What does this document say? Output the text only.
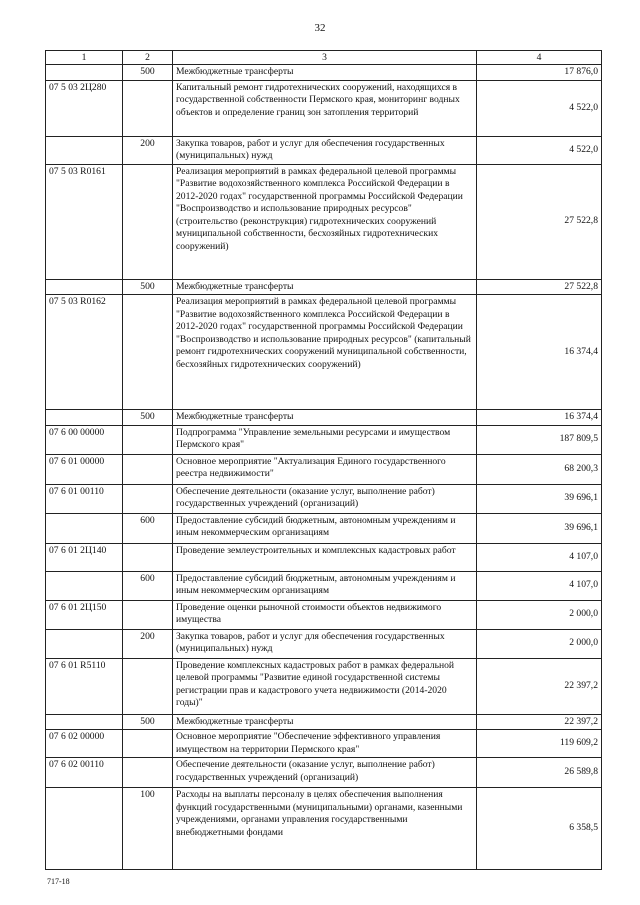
32
1	2	3	4
	500	Межбюджетные трансферты	17 876,0
07 5 03 2Ц280		Капитальный ремонт гидротехнических сооружений, находящихся в государственной собственности Пермского края, мониторинг водных объектов и определение границ зон затопления территорий	4 522,0
	200	Закупка товаров, работ и услуг для обеспечения государственных (муниципальных) нужд	4 522,0
07 5 03 R0161		Реализация мероприятий в рамках федеральной целевой программы "Развитие водохозяйственного комплекса Российской Федерации в 2012-2020 годах" государственной программы Российской Федерации "Воспроизводство и использование природных ресурсов" (строительство (реконструкция) гидротехнических сооружений муниципальной собственности, бесхозяйных гидротехнических сооружений)	27 522,8
	500	Межбюджетные трансферты	27 522,8
07 5 03 R0162		Реализация мероприятий в рамках федеральной целевой программы "Развитие водохозяйственного комплекса Российской Федерации в 2012-2020 годах" государственной программы Российской Федерации "Воспроизводство и использование природных ресурсов" (капитальный ремонт гидротехнических сооружений муниципальной собственности, бесхозяйных гидротехнических сооружений)	16 374,4
	500	Межбюджетные трансферты	16 374,4
07 6 00 00000		Подпрограмма "Управление земельными ресурсами и имуществом Пермского края"	187 809,5
07 6 01 00000		Основное мероприятие "Актуализация Единого государственного реестра недвижимости"	68 200,3
07 6 01 00110		Обеспечение деятельности (оказание услуг, выполнение работ) государственных учреждений (организаций)	39 696,1
	600	Предоставление субсидий бюджетным, автономным учреждениям и иным некоммерческим организациям	39 696,1
07 6 01 2Ц140		Проведение землеустроительных и комплексных кадастровых работ	4 107,0
	600	Предоставление субсидий бюджетным, автономным учреждениям и иным некоммерческим организациям	4 107,0
07 6 01 2Ц150		Проведение оценки рыночной стоимости объектов недвижимого имущества	2 000,0
	200	Закупка товаров, работ и услуг для обеспечения государственных (муниципальных) нужд	2 000,0
07 6 01 R5110		Проведение комплексных кадастровых работ в рамках федеральной целевой программы "Развитие единой государственной системы регистрации прав и кадастрового учета недвижимости (2014-2020 годы)"	22 397,2
	500	Межбюджетные трансферты	22 397,2
07 6 02 00000		Основное мероприятие "Обеспечение эффективного управления имуществом на территории Пермского края"	119 609,2
07 6 02 00110		Обеспечение деятельности (оказание услуг, выполнение работ) государственных учреждений (организаций)	26 589,8
	100	Расходы на выплаты персоналу в целях обеспечения выполнения функций государственными (муниципальными) органами, казенными учреждениями, органами управления государственными внебюджетными фондами	6 358,5
717-18
